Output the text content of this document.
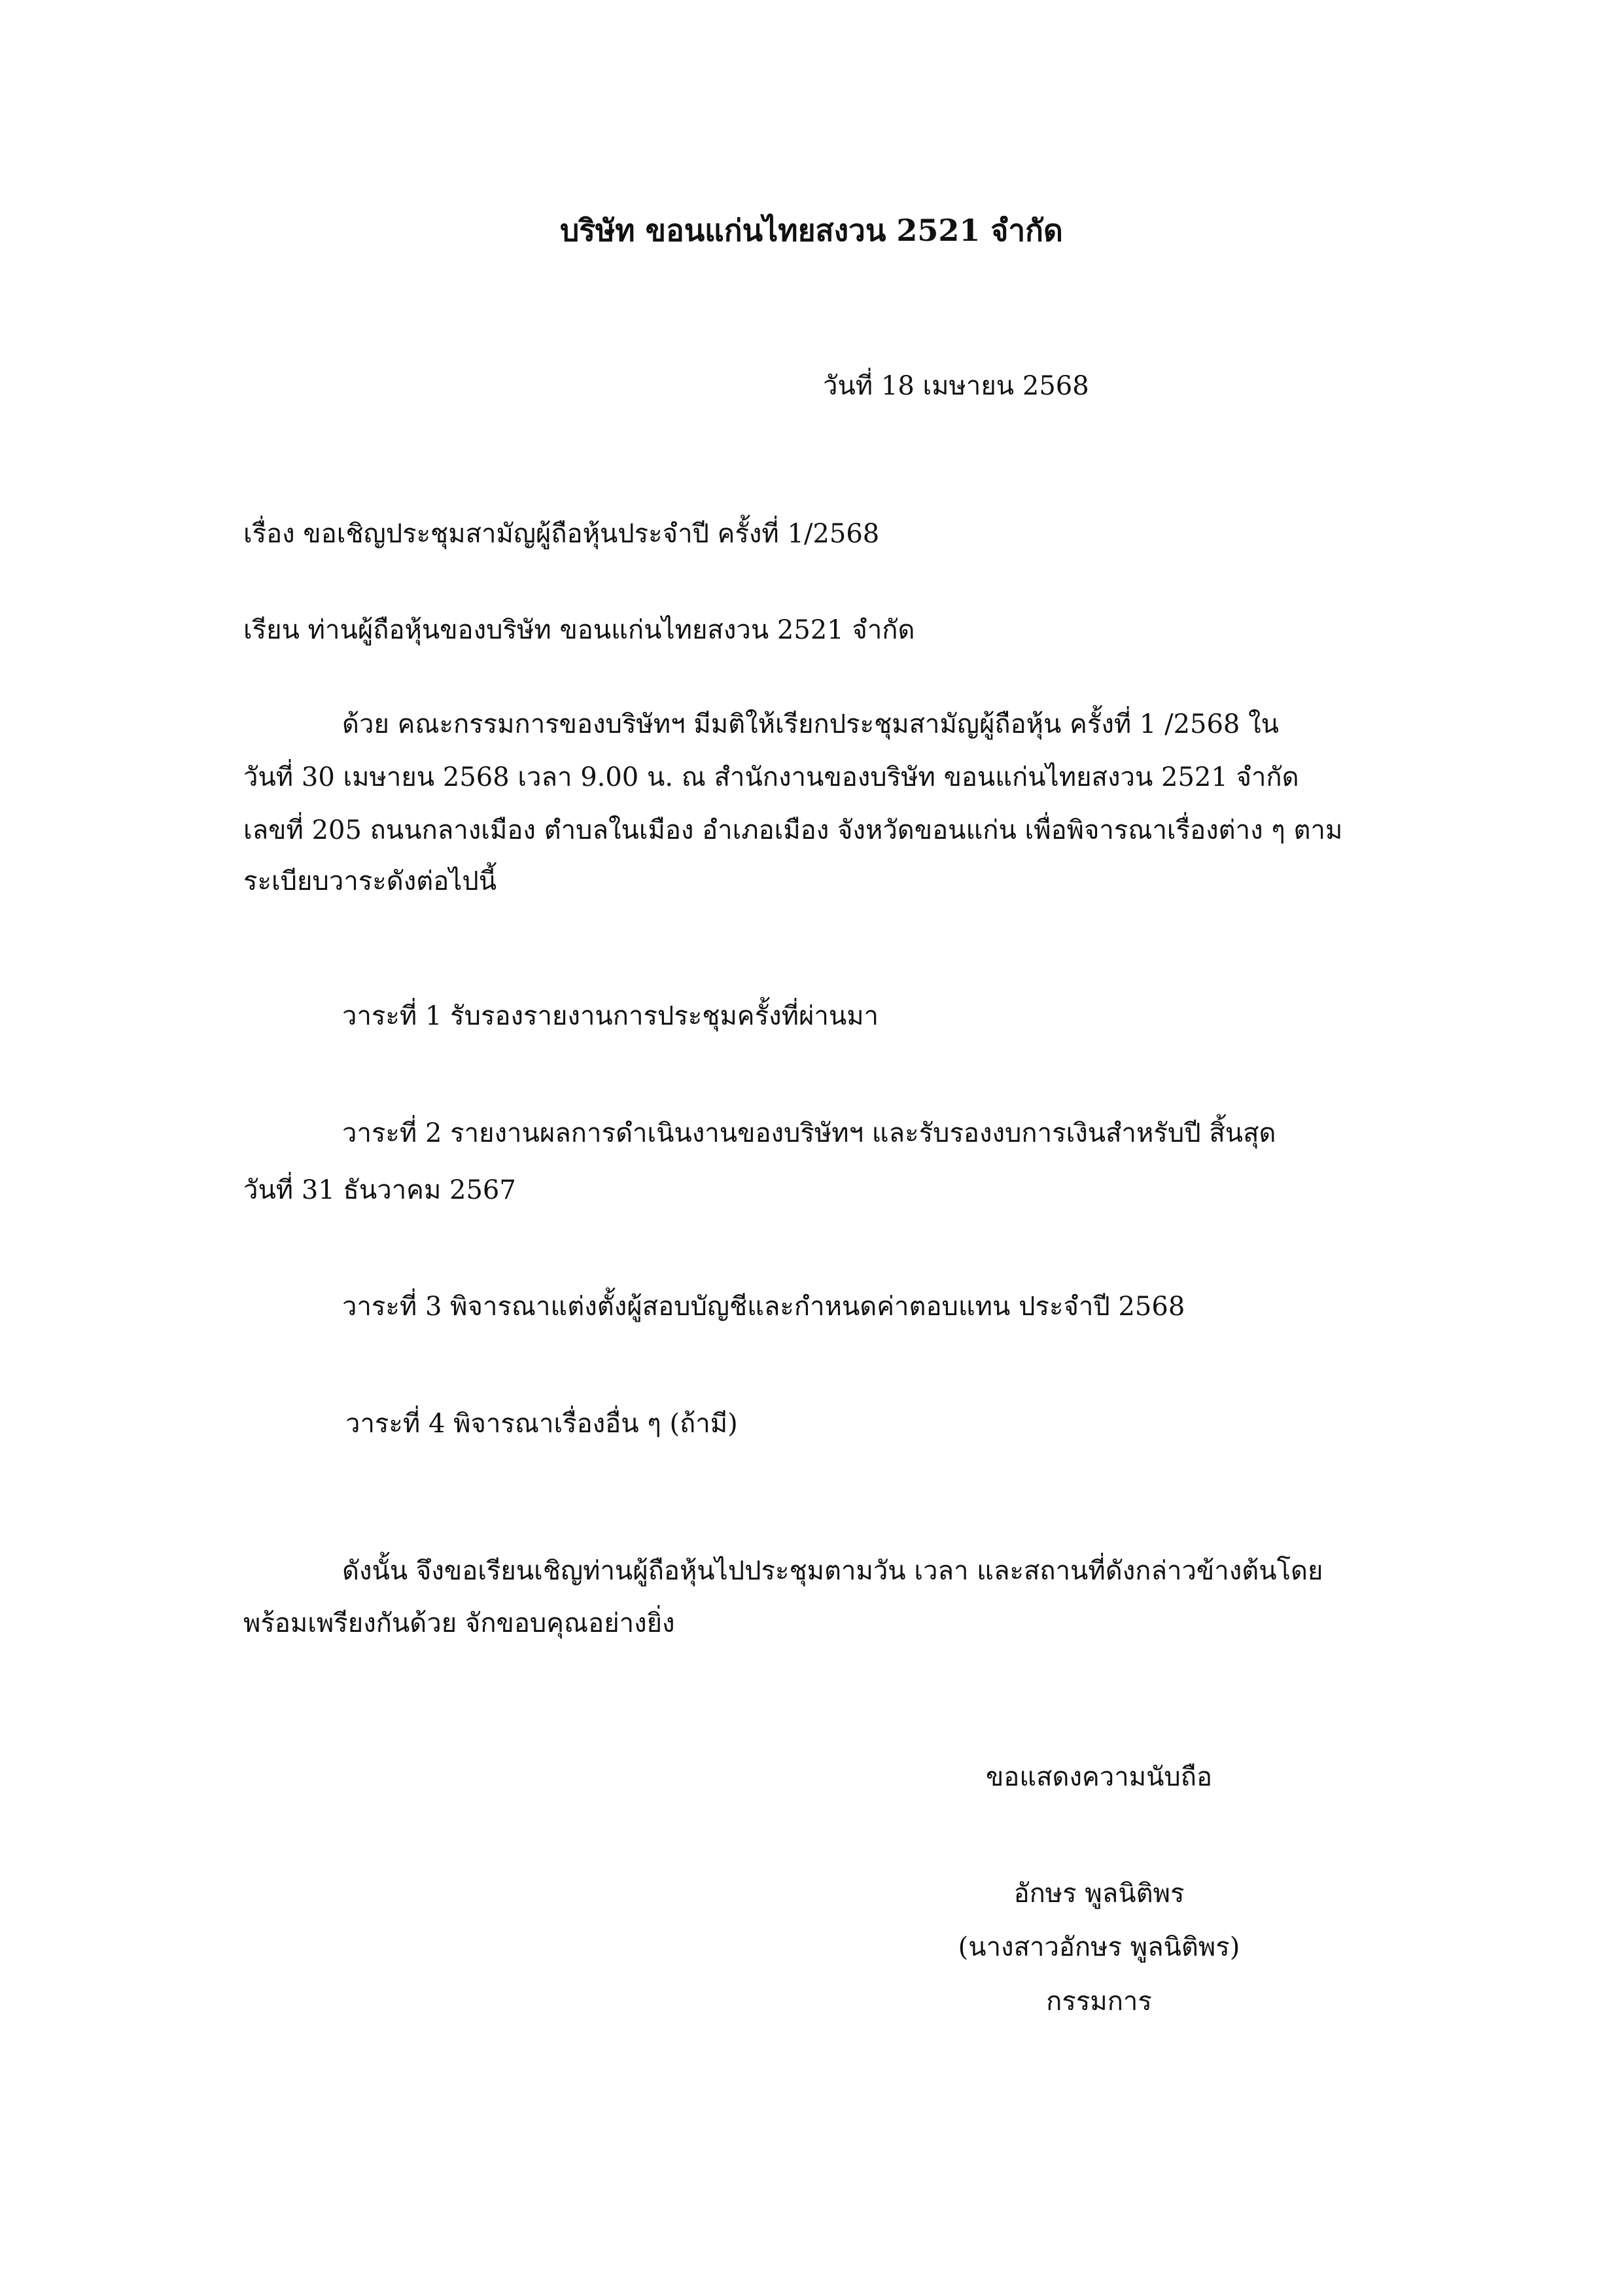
บริษัท ขอนแก่นไทยสงวน 2521 จำกัด

วันที่ 18 เมษายน 2568

เรื่อง ขอเชิญประชุมสามัญผู้ถือหุ้นประจำปี ครั้งที่ 1/2568

เรียน ท่านผู้ถือหุ้นของบริษัท ขอนแก่นไทยสงวน 2521 จำกัด

ด้วย คณะกรรมการของบริษัทฯ มีมติให้เรียกประชุมสามัญผู้ถือหุ้น ครั้งที่ 1 /2568 ใน

วันที่ 30 เมษายน 2568 เวลา 9.00 น. ณ สำนักงานของบริษัท ขอนแก่นไทยสงวน 2521 จำกัด

เลขที่ 205 ถนนกลางเมือง ตำบลในเมือง อำเภอเมือง จังหวัดขอนแก่น เพื่อพิจารณาเรื่องต่าง ๆ ตาม

ระเบียบวาระดังต่อไปนี้

วาระที่ 1 รับรองรายงานการประชุมครั้งที่ผ่านมา

วาระที่ 2 รายงานผลการดำเนินงานของบริษัทฯ และรับรองงบการเงินสำหรับปี สิ้นสุด

วันที่ 31 ธันวาคม 2567

วาระที่ 3 พิจารณาแต่งตั้งผู้สอบบัญชีและกำหนดค่าตอบแทน ประจำปี 2568

วาระที่ 4 พิจารณาเรื่องอื่น ๆ (ถ้ามี)

ดังนั้น จึงขอเรียนเชิญท่านผู้ถือหุ้นไปประชุมตามวัน เวลา และสถานที่ดังกล่าวข้างต้นโดย

พร้อมเพรียงกันด้วย จักขอบคุณอย่างยิ่ง

ขอแสดงความนับถือ

อักษร พูลนิติพร

(นางสาวอักษร พูลนิติพร)

กรรมการ
